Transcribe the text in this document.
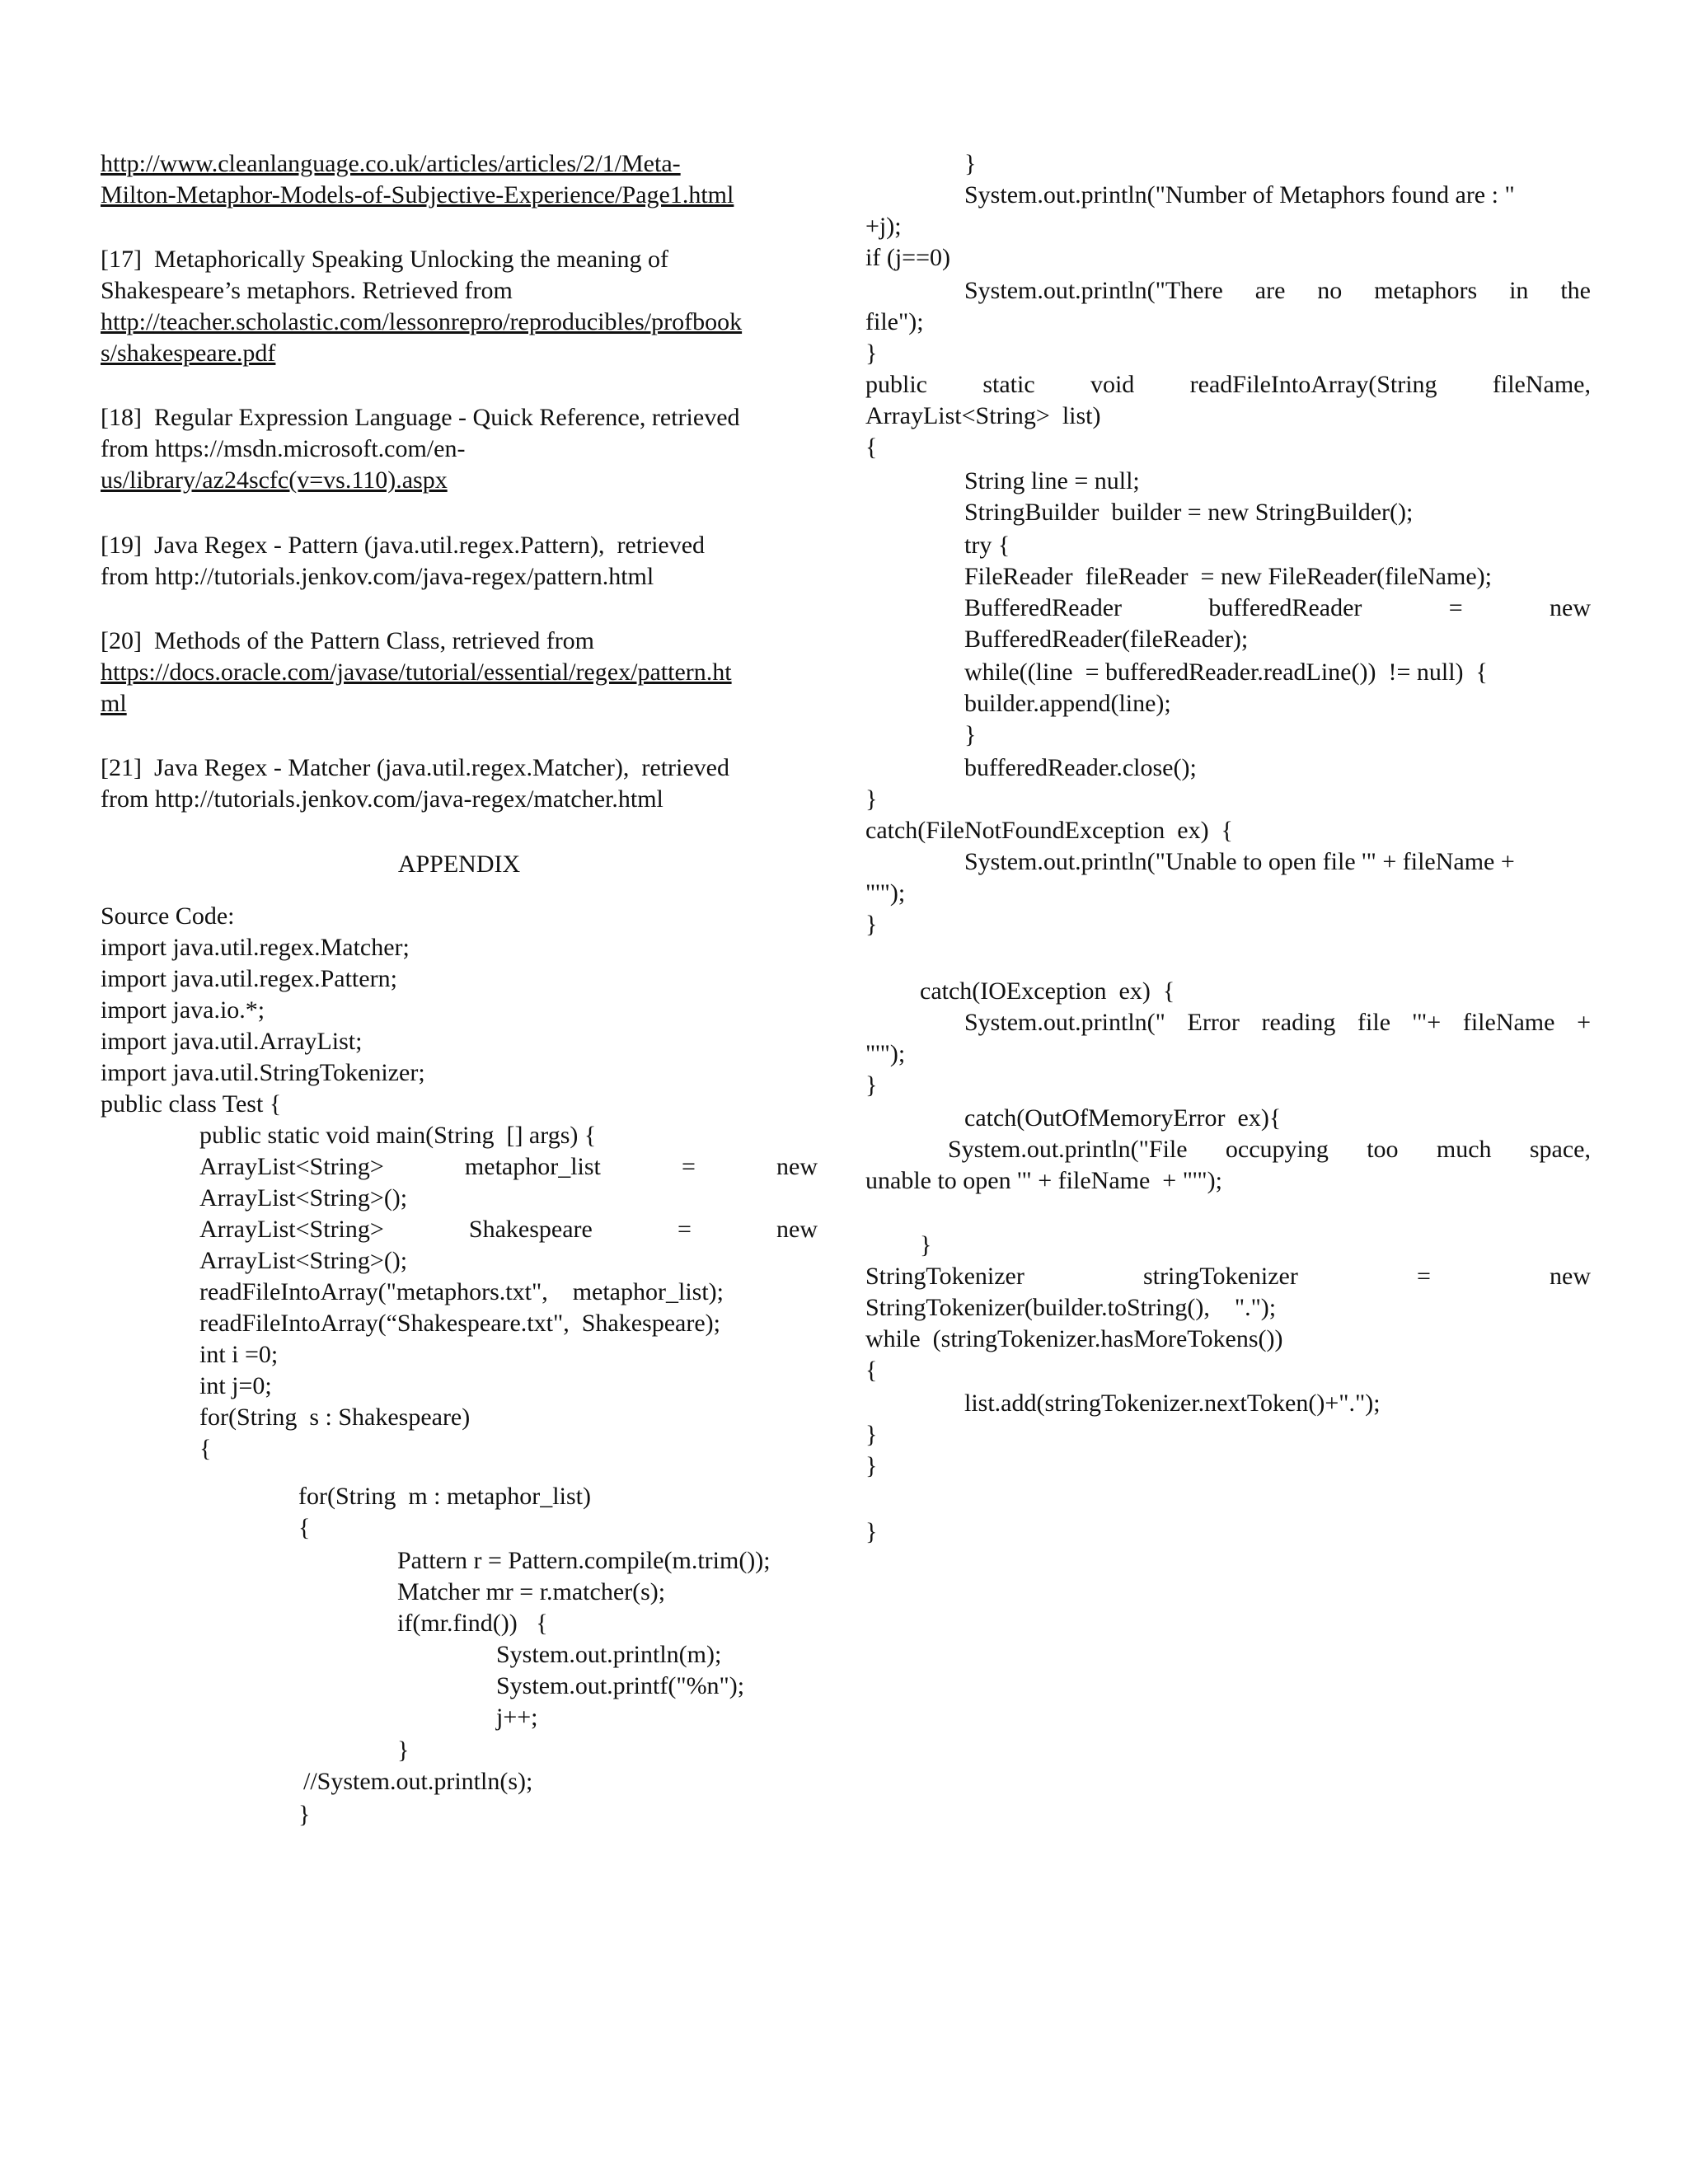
http://www.cleanlanguage.co.uk/articles/articles/2/1/Meta-
Milton-Metaphor-Models-of-Subjective-Experience/Page1.html
[17]  Metaphorically Speaking Unlocking the meaning of
Shakespeare’s metaphors. Retrieved from
http://teacher.scholastic.com/lessonrepro/reproducibles/profbook
s/shakespeare.pdf
[18]  Regular Expression Language - Quick Reference, retrieved
from https://msdn.microsoft.com/en-
us/library/az24scfc(v=vs.110).aspx
[19]  Java Regex - Pattern (java.util.regex.Pattern),  retrieved
from http://tutorials.jenkov.com/java-regex/pattern.html
[20]  Methods of the Pattern Class, retrieved from
https://docs.oracle.com/javase/tutorial/essential/regex/pattern.ht
ml
[21]  Java Regex - Matcher (java.util.regex.Matcher),  retrieved
from http://tutorials.jenkov.com/java-regex/matcher.html
APPENDIX
Source Code:
import java.util.regex.Matcher;
import java.util.regex.Pattern;
import java.io.*;
import java.util.ArrayList;
import java.util.StringTokenizer;
public class Test {
public static void main(String  [] args) {
ArrayList<String> metaphor_list = new
ArrayList<String>();
ArrayList<String> Shakespeare = new
ArrayList<String>();
readFileIntoArray("metaphors.txt",    metaphor_list);
readFileIntoArray(“Shakespeare.txt",  Shakespeare);
int i =0;
int j=0;
for(String  s : Shakespeare)
{
for(String  m : metaphor_list)
{
Pattern r = Pattern.compile(m.trim());
Matcher mr = r.matcher(s);
if(mr.find())   {
System.out.println(m);
System.out.printf("%n");
j++;
}
//System.out.println(s);
}
}
System.out.println("Number of Metaphors found are : "
+j);
if (j==0)
System.out.println("There are no metaphors in the
file");
}
public static void readFileIntoArray(String fileName,
ArrayList<String>  list)
{
String line = null;
StringBuilder  builder = new StringBuilder();
try {
FileReader  fileReader  = new FileReader(fileName);
BufferedReader bufferedReader = new
BufferedReader(fileReader);
while((line  = bufferedReader.readLine())  != null)  {
builder.append(line);
}
bufferedReader.close();
}
catch(FileNotFoundException  ex)  {
System.out.println("Unable to open file '" + fileName +
"'");
}
catch(IOException  ex)  {
System.out.println(" Error reading file '"+ fileName +
"'");
}
catch(OutOfMemoryError  ex){
System.out.println("File occupying too much space,
unable to open '" + fileName  + "'");
}
StringTokenizer stringTokenizer = new
StringTokenizer(builder.toString(),    ".");
while  (stringTokenizer.hasMoreTokens())
{
list.add(stringTokenizer.nextToken()+".");
}
}
}
